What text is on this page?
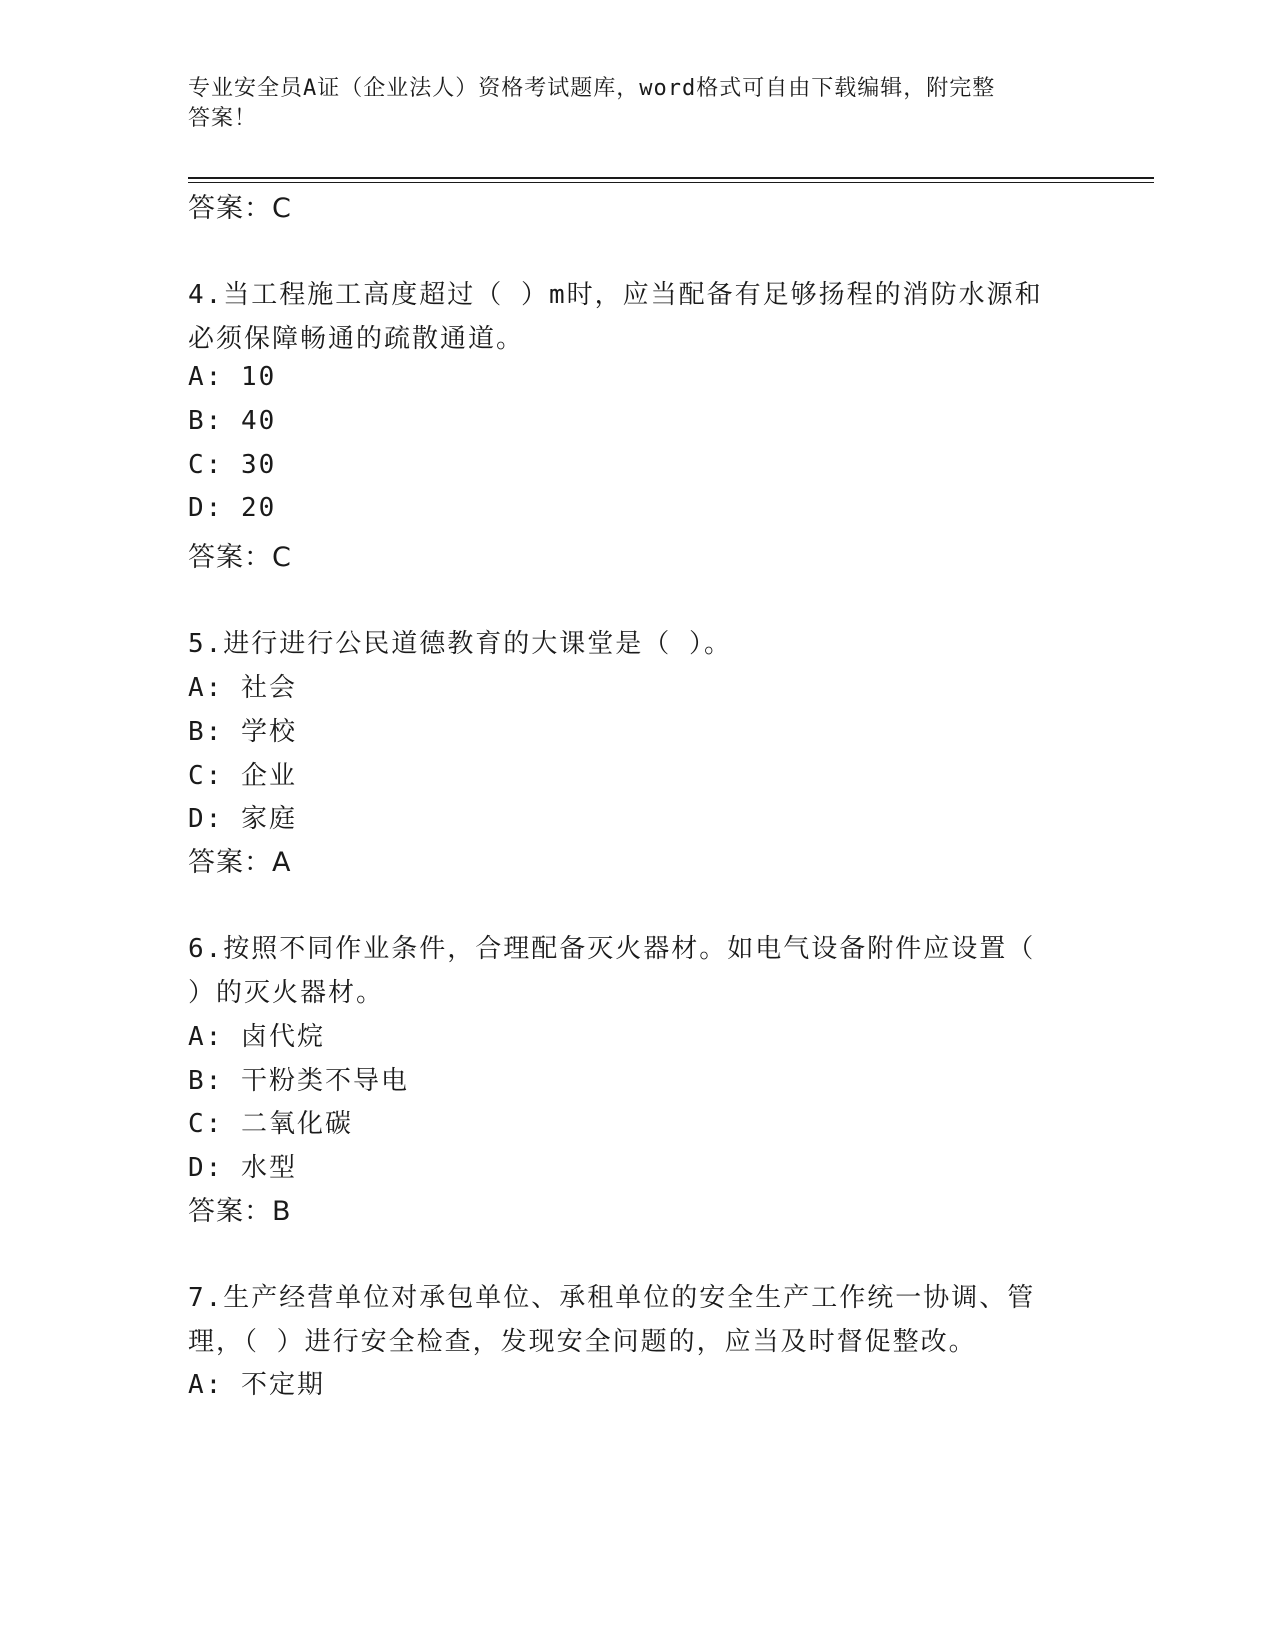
专业安全员A证（企业法人）资格考试题库，word格式可自由下载编辑，附完整
答案！
答案：C
4.当工程施工高度超过（ ）m时，应当配备有足够扬程的消防水源和
必须保障畅通的疏散通道。
A: 10
B: 40
C: 30
D: 20
答案：C
5.进行进行公民道德教育的大课堂是（ ）。
A: 社会
B: 学校
C: 企业
D: 家庭
答案：A
6.按照不同作业条件，合理配备灭火器材。如电气设备附件应设置（
）的灭火器材。
A: 卤代烷
B: 干粉类不导电
C: 二氧化碳
D: 水型
答案：B
7.生产经营单位对承包单位、承租单位的安全生产工作统一协调、管
理，（ ）进行安全检查，发现安全问题的，应当及时督促整改。
A: 不定期
